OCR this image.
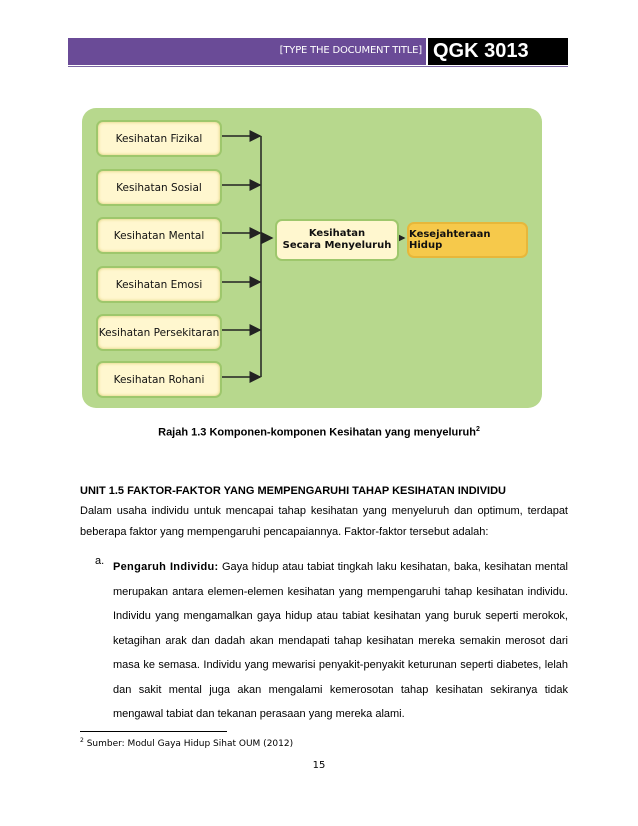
[TYPE THE DOCUMENT TITLE] QGK 3013
Kesihatan Fizikal
Kesihatan Sosial
Kesihatan Mental
Kesihatan Emosi
Kesihatan Persekitaran
Kesihatan Rohani
Kesihatan
Secara Menyeluruh
Kesejahteraan Hidup
Rajah 1.3 Komponen-komponen Kesihatan yang menyeluruh$^2$
UNIT 1.5 FAKTOR-FAKTOR YANG MEMPENGARUHI TAHAP KESIHATAN INDIVIDU
Dalam usaha individu untuk mencapai tahap kesihatan yang menyeluruh dan optimum, terdapat beberapa faktor yang mempengaruhi pencapaiannya. Faktor-faktor tersebut adalah:
a. Pengaruh Individu: Gaya hidup atau tabiat tingkah laku kesihatan, baka, kesihatan mental merupakan antara elemen-elemen kesihatan yang mempengaruhi tahap kesihatan individu. Individu yang mengamalkan gaya hidup atau tabiat kesihatan yang buruk seperti merokok, ketagihan arak dan dadah akan mendapati tahap kesihatan mereka semakin merosot dari masa ke semasa. Individu yang mewarisi penyakit-penyakit keturunan seperti diabetes, lelah dan sakit mental juga akan mengalami kemerosotan tahap kesihatan sekiranya tidak mengawal tabiat dan tekanan perasaan yang mereka alami.
$^2$ Sumber: Modul Gaya Hidup Sihat OUM (2012)
15
